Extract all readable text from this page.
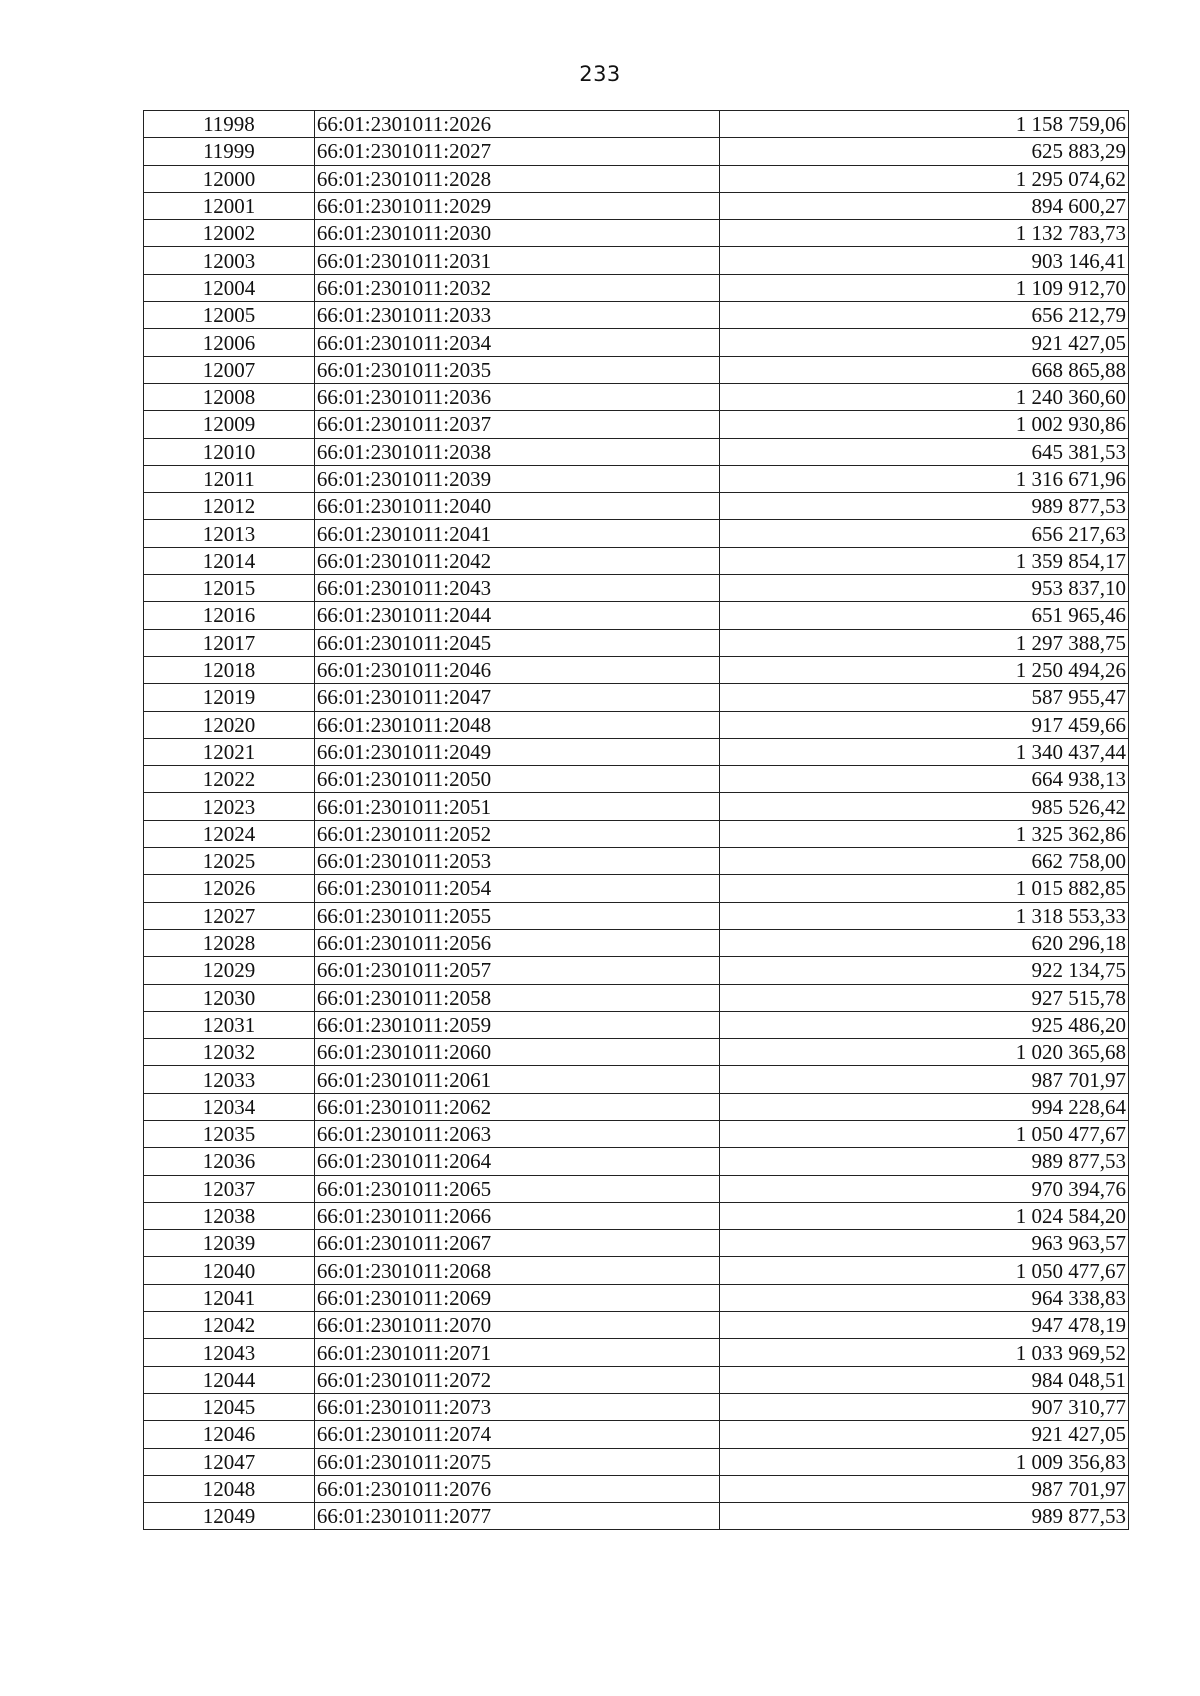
233
11998	66:01:2301011:2026	1 158 759,06
11999	66:01:2301011:2027	625 883,29
12000	66:01:2301011:2028	1 295 074,62
12001	66:01:2301011:2029	894 600,27
12002	66:01:2301011:2030	1 132 783,73
12003	66:01:2301011:2031	903 146,41
12004	66:01:2301011:2032	1 109 912,70
12005	66:01:2301011:2033	656 212,79
12006	66:01:2301011:2034	921 427,05
12007	66:01:2301011:2035	668 865,88
12008	66:01:2301011:2036	1 240 360,60
12009	66:01:2301011:2037	1 002 930,86
12010	66:01:2301011:2038	645 381,53
12011	66:01:2301011:2039	1 316 671,96
12012	66:01:2301011:2040	989 877,53
12013	66:01:2301011:2041	656 217,63
12014	66:01:2301011:2042	1 359 854,17
12015	66:01:2301011:2043	953 837,10
12016	66:01:2301011:2044	651 965,46
12017	66:01:2301011:2045	1 297 388,75
12018	66:01:2301011:2046	1 250 494,26
12019	66:01:2301011:2047	587 955,47
12020	66:01:2301011:2048	917 459,66
12021	66:01:2301011:2049	1 340 437,44
12022	66:01:2301011:2050	664 938,13
12023	66:01:2301011:2051	985 526,42
12024	66:01:2301011:2052	1 325 362,86
12025	66:01:2301011:2053	662 758,00
12026	66:01:2301011:2054	1 015 882,85
12027	66:01:2301011:2055	1 318 553,33
12028	66:01:2301011:2056	620 296,18
12029	66:01:2301011:2057	922 134,75
12030	66:01:2301011:2058	927 515,78
12031	66:01:2301011:2059	925 486,20
12032	66:01:2301011:2060	1 020 365,68
12033	66:01:2301011:2061	987 701,97
12034	66:01:2301011:2062	994 228,64
12035	66:01:2301011:2063	1 050 477,67
12036	66:01:2301011:2064	989 877,53
12037	66:01:2301011:2065	970 394,76
12038	66:01:2301011:2066	1 024 584,20
12039	66:01:2301011:2067	963 963,57
12040	66:01:2301011:2068	1 050 477,67
12041	66:01:2301011:2069	964 338,83
12042	66:01:2301011:2070	947 478,19
12043	66:01:2301011:2071	1 033 969,52
12044	66:01:2301011:2072	984 048,51
12045	66:01:2301011:2073	907 310,77
12046	66:01:2301011:2074	921 427,05
12047	66:01:2301011:2075	1 009 356,83
12048	66:01:2301011:2076	987 701,97
12049	66:01:2301011:2077	989 877,53
